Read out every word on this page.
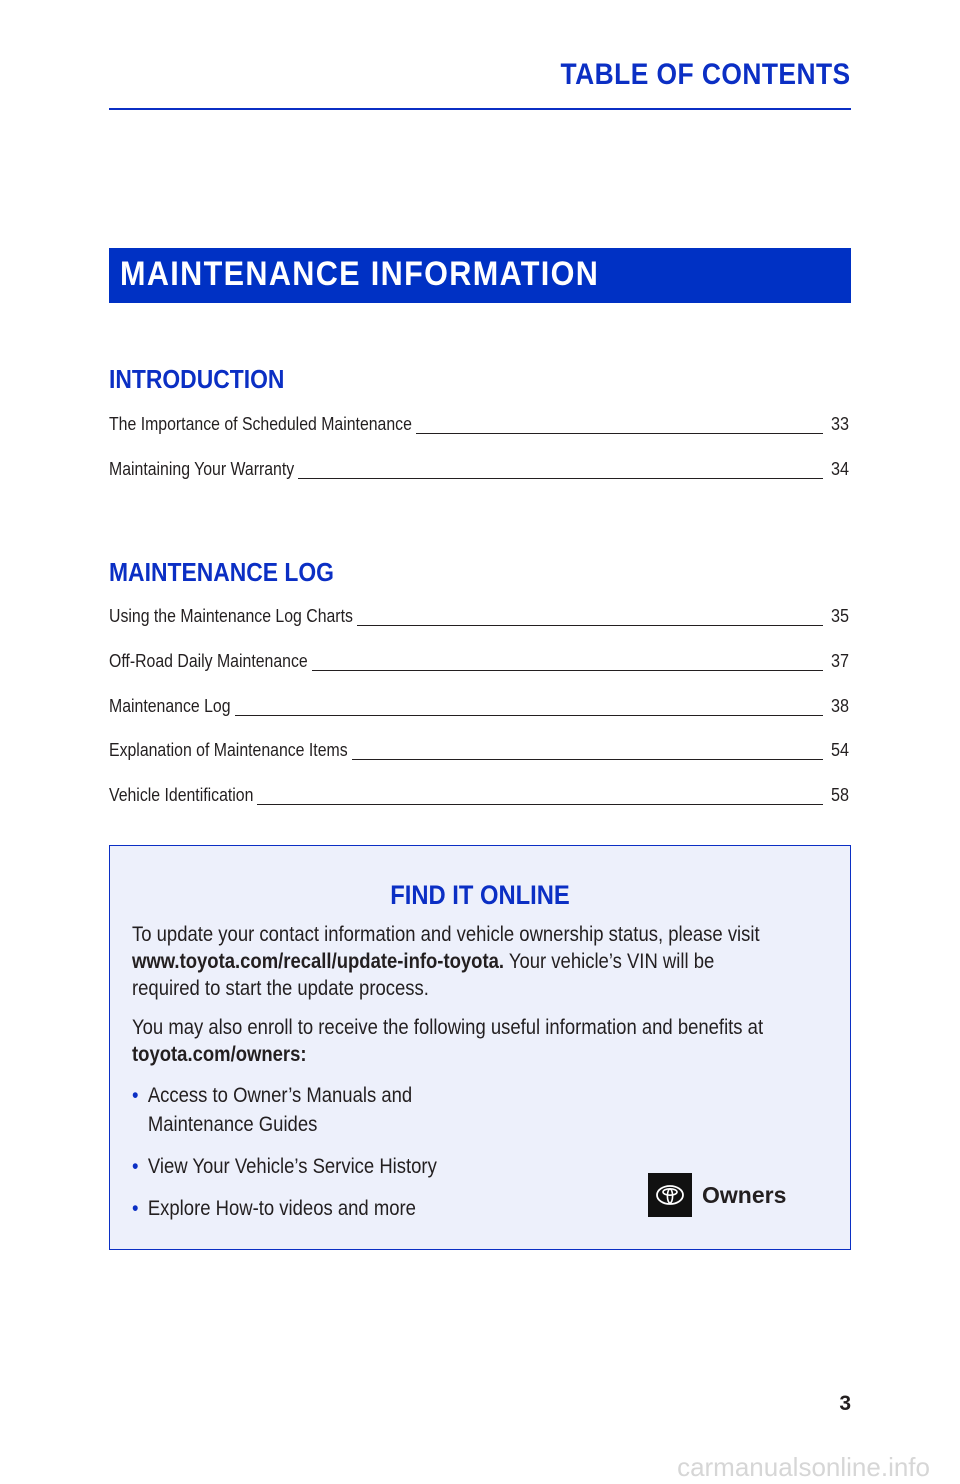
TABLE OF CONTENTS
MAINTENANCE INFORMATION
INTRODUCTION
The Importance of Scheduled Maintenance	33
Maintaining Your Warranty	34
MAINTENANCE LOG
Using the Maintenance Log Charts	35
Off-Road Daily Maintenance	37
Maintenance Log	38
Explanation of Maintenance Items	54
Vehicle Identification	58
FIND IT ONLINE
To update your contact information and vehicle ownership status, please visit
www.toyota.com/recall/update-info-toyota. Your vehicle’s VIN will be
required to start the update process.
You may also enroll to receive the following useful information and benefits at
toyota.com/owners:
• Access to Owner’s Manuals and
Maintenance Guides
• View Your Vehicle’s Service History
• Explore How-to videos and more
Owners
3
carmanualsonline.info
